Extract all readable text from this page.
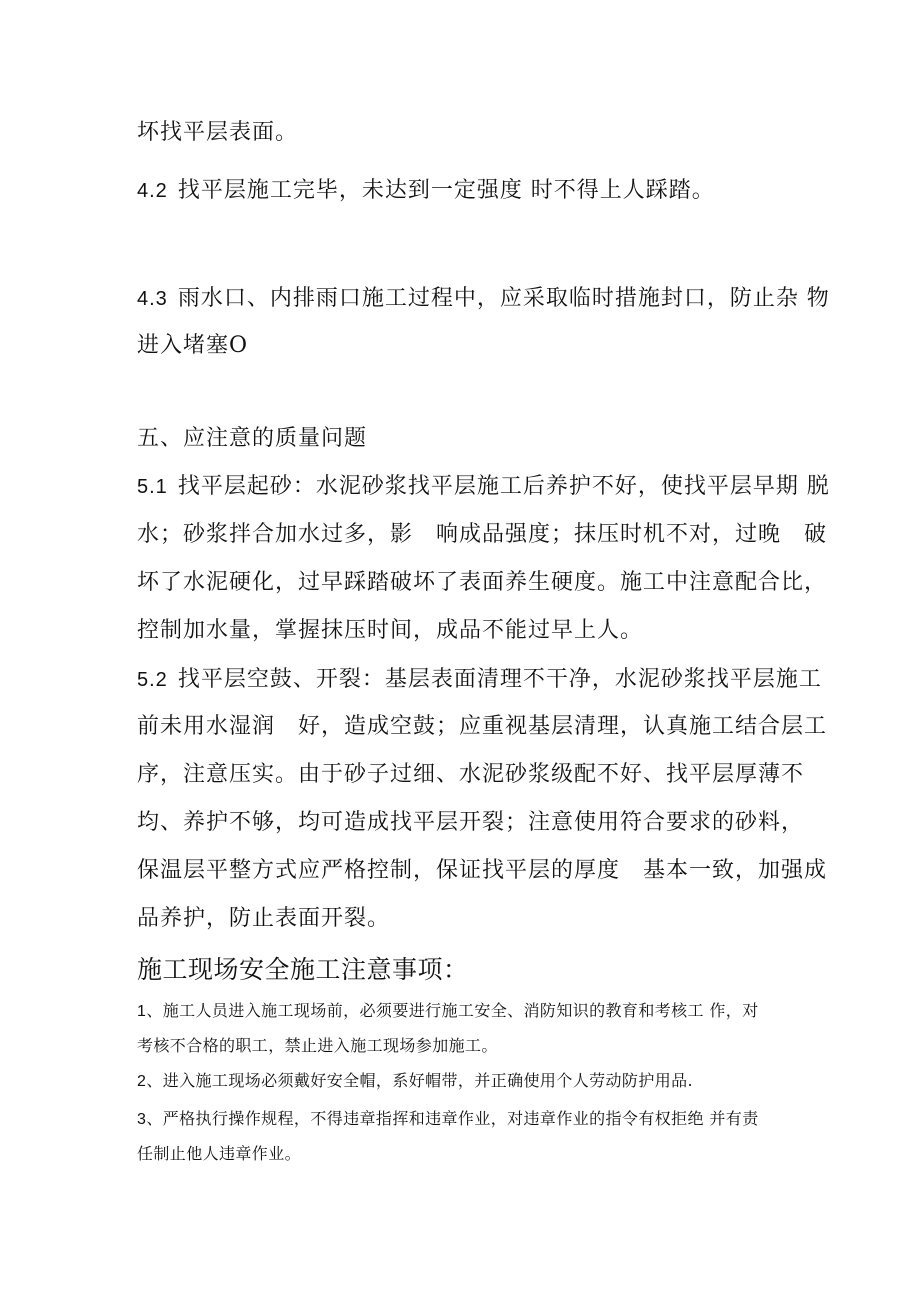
坏找平层表面。
4.2 找平层施工完毕，未达到一定强度 时不得上人踩踏。
4.3 雨水口、内排雨口施工过程中，应采取临时措施封口，防止杂 物
进入堵塞O
五、应注意的质量问题
5.1 找平层起砂：水泥砂浆找平层施工后养护不好，使找平层早期 脱
水；砂浆拌合加水过多，影　响成品强度；抹压时机不对，过晚　破
坏了水泥硬化，过早踩踏破坏了表面养生硬度。施工中注意配合比，
控制加水量，掌握抹压时间，成品不能过早上人。
5.2 找平层空鼓、开裂：基层表面清理不干净，水泥砂浆找平层施工
前未用水湿润　好，造成空鼓；应重视基层清理，认真施工结合层工
序，注意压实。由于砂子过细、水泥砂浆级配不好、找平层厚薄不
均、养护不够，均可造成找平层开裂；注意使用符合要求的砂料，
保温层平整方式应严格控制，保证找平层的厚度　基本一致，加强成
品养护，防止表面开裂。
施工现场安全施工注意事项：
1、施工人员进入施工现场前，必须要进行施工安全、消防知识的教育和考核工 作，对
考核不合格的职工，禁止进入施工现场参加施工。
2、进入施工现场必须戴好安全帽，系好帽带，并正确使用个人劳动防护用品.
3、严格执行操作规程，不得违章指挥和违章作业，对违章作业的指令有权拒绝 并有责
任制止他人违章作业。
